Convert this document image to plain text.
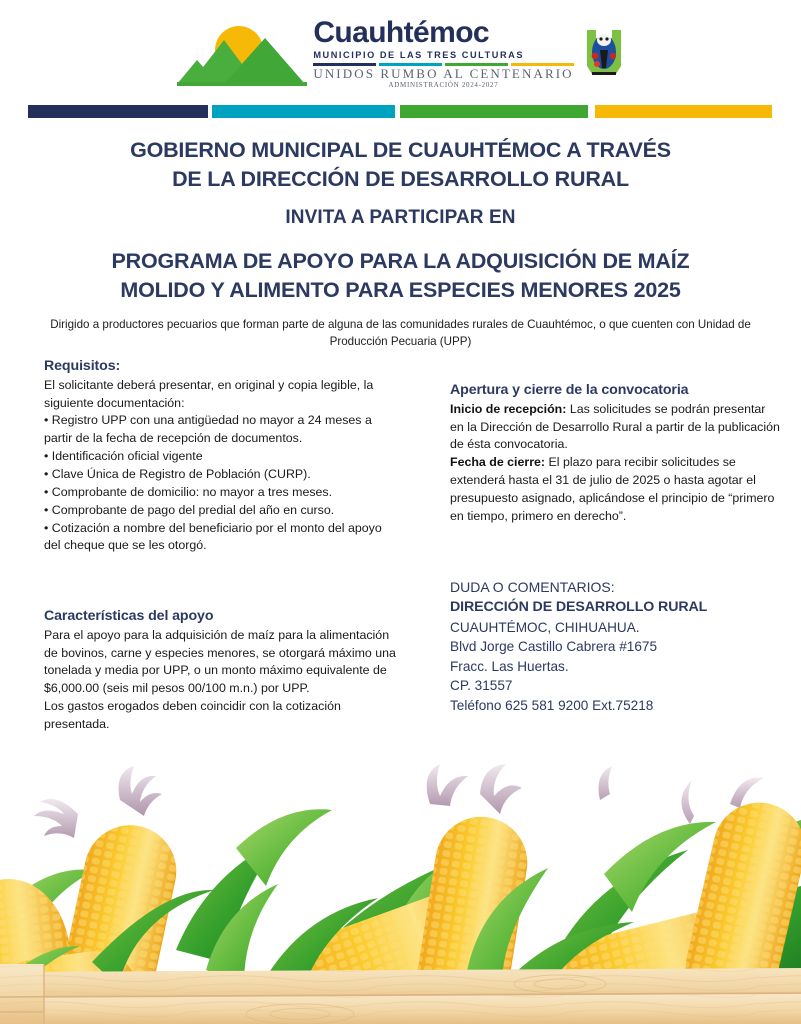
Cuauhtémoc
MUNICIPIO DE LAS TRES CULTURAS
UNIDOS RUMBO AL CENTENARIO
ADMINISTRACIÓN 2024-2027
GOBIERNO MUNICIPAL DE CUAUHTÉMOC A TRAVÉS
DE LA DIRECCIÓN DE DESARROLLO RURAL
INVITA A PARTICIPAR EN
PROGRAMA DE APOYO PARA LA ADQUISICIÓN DE MAÍZ
MOLIDO Y ALIMENTO PARA ESPECIES MENORES 2025
Dirigido a productores pecuarios que forman parte de alguna de las comunidades rurales de Cuauhtémoc, o que cuenten con Unidad de Producción Pecuaria (UPP)
Requisitos:
El solicitante deberá presentar, en original y copia legible, la siguiente documentación:
• Registro UPP con una antigüedad no mayor a 24 meses a partir de la fecha de recepción de documentos.
• Identificación oficial vigente
• Clave Única de Registro de Población (CURP).
• Comprobante de domicilio: no mayor a tres meses.
• Comprobante de pago del predial del año en curso.
• Cotización a nombre del beneficiario por el monto del apoyo del cheque que se les otorgó.
Características del apoyo
Para el apoyo para la adquisición de maíz para la alimentación de bovinos, carne y especies menores, se otorgará máximo una tonelada y media por UPP, o un monto máximo equivalente de $6,000.00 (seis mil pesos 00/100 m.n.) por UPP.
Los gastos erogados deben coincidir con la cotización presentada.
Apertura y cierre de la convocatoria
Inicio de recepción: Las solicitudes se podrán presentar en la Dirección de Desarrollo Rural a partir de la publicación de ésta convocatoria.
Fecha de cierre: El plazo para recibir solicitudes se extenderá hasta el 31 de julio de 2025 o hasta agotar el presupuesto asignado, aplicándose el principio de “primero en tiempo, primero en derecho”.
DUDA O COMENTARIOS:
DIRECCIÓN DE DESARROLLO RURAL
CUAUHTÉMOC, CHIHUAHUA.
Blvd Jorge Castillo Cabrera #1675
Fracc. Las Huertas.
CP. 31557
Teléfono 625 581 9200 Ext.75218
